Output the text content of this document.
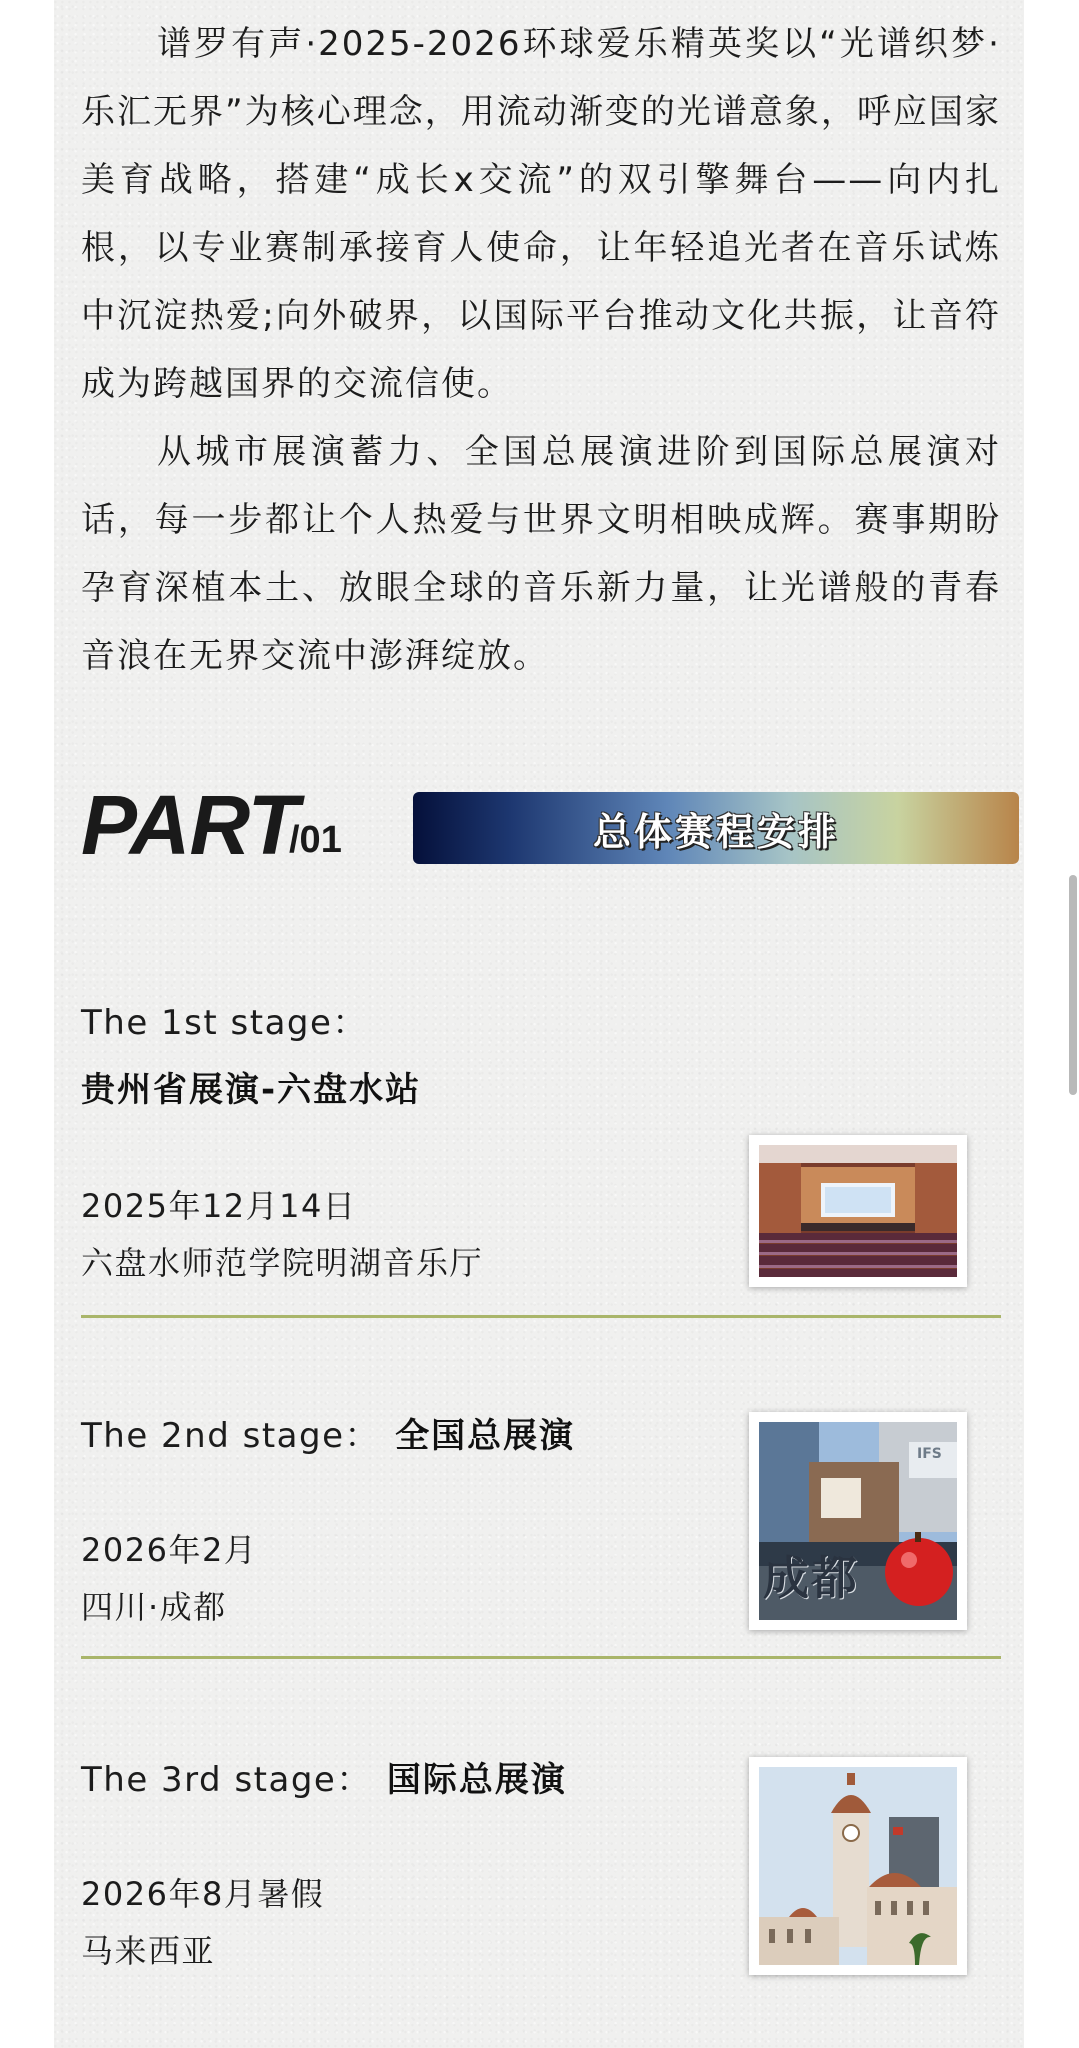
谱罗有声·2025-2026环球爱乐精英奖以“光谱织梦·乐汇无界”为核心理念，用流动渐变的光谱意象，呼应国家美育战略，搭建“成长x交流”的双引擎舞台——向内扎根，以专业赛制承接育人使命，让年轻追光者在音乐试炼中沉淀热爱;向外破界，以国际平台推动文化共振，让音符成为跨越国界的交流信使。

从城市展演蓄力、全国总展演进阶到国际总展演对话，每一步都让个人热爱与世界文明相映成辉。赛事期盼孕育深植本土、放眼全球的音乐新力量，让光谱般的青春音浪在无界交流中澎湃绽放。

PART
/01	总体赛程安排
The 1st stage：
贵州省展演-六盘水站
2025年12月14日
六盘水师范学院明湖音乐厅
The 2nd stage： 全国总展演
2026年2月
四川·成都
成都
IFS
The 3rd stage： 国际总展演
2026年8月暑假
马来西亚
